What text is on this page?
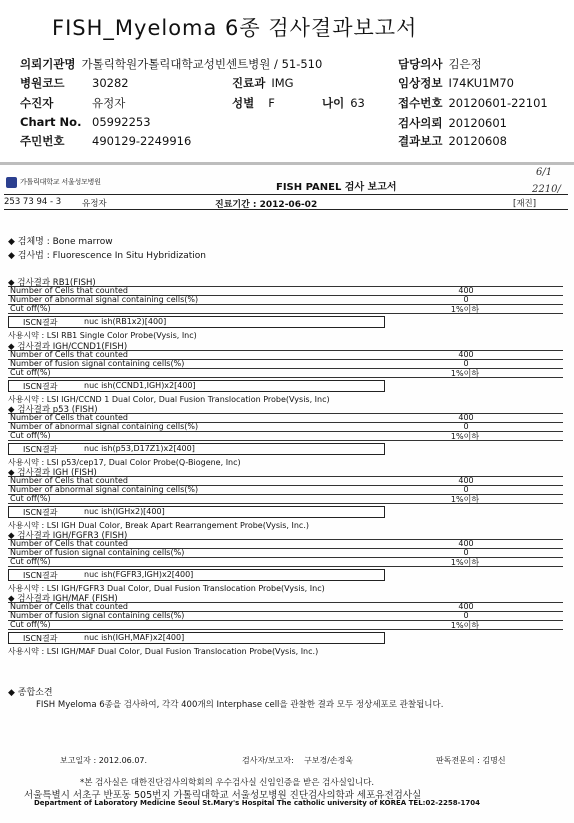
FISH_Myeloma 6종 검사결과보고서
의뢰기관명 가톨릭학원가톨릭대학교성빈센트병원 / 51-510	담당의사 김은정
병원코드 30282	진료과 IMG	임상정보 I74KU1M70
수진자	유정자	성별 F	나이 63	접수번호 20120601-22101
Chart No. 05992253	검사의뢰 20120601
주민번호 490129-2249916	결과보고 20120608
가톨릭대학교 서울성모병원	FISH PANEL 검사 보고서
6/1
2210/
253 73 94 - 3 유정자	진료기간 : 2012-06-02	[재진]
◆ 검체명 : Bone marrow
◆ 검사법 : Fluorescence In Situ Hybridization
◆ 검사결과 RB1(FISH)
Number of Cells that counted	400
Number of abnormal signal containing cells(%)	0
Cut off(%)	1%이하
ISCN결과	nuc ish(RB1x2)[400]
사용시약 : LSI RB1 Single Color Probe(Vysis, Inc)
◆ 검사결과 IGH/CCND1(FISH)
Number of Cells that counted	400
Number of fusion signal containing cells(%)	0
Cut off(%)	1%이하
ISCN결과	nuc ish(CCND1,IGH)x2[400]
사용시약 : LSI IGH/CCND 1 Dual Color, Dual Fusion Translocation Probe(Vysis, Inc)
◆ 검사결과 p53 (FISH)
Number of Cells that counted	400
Number of abnormal signal containing cells(%)	0
Cut off(%)	1%이하
ISCN결과	nuc ish(p53,D17Z1)x2[400]
사용시약 : LSI p53/cep17, Dual Color Probe(Q-Biogene, Inc)
◆ 검사결과 IGH (FISH)
Number of Cells that counted	400
Number of abnormal signal containing cells(%)	0
Cut off(%)	1%이하
ISCN결과	nuc ish(IGHx2)[400]
사용시약 : LSI IGH Dual Color, Break Apart Rearrangement Probe(Vysis, Inc.)
◆ 검사결과 IGH/FGFR3 (FISH)
Number of Cells that counted	400
Number of fusion signal containing cells(%)	0
Cut off(%)	1%이하
ISCN결과	nuc ish(FGFR3,IGH)x2[400]
사용시약 : LSI IGH/FGFR3 Dual Color, Dual Fusion Translocation Probe(Vysis, Inc)
◆ 검사결과 IGH/MAF (FISH)
Number of Cells that counted	400
Number of fusion signal containing cells(%)	0
Cut off(%)	1%이하
ISCN결과	nuc ish(IGH,MAF)x2[400]
사용시약 : LSI IGH/MAF Dual Color, Dual Fusion Translocation Probe(Vysis, Inc.)
◆ 종합소견
FISH Myeloma 6종을 검사하여, 각각 400개의 Interphase cell을 관찰한 결과 모두 정상세포로 관찰됩니다.
보고일자 : 2012.06.07.	검사자/보고자: 구보경/손정욱	판독전문의 : 김명신
*본 검사실은 대한진단검사의학회의 우수검사실 신임인증을 받은 검사실입니다.
서울특별시 서초구 반포동 505번지 가톨릭대학교 서울성모병원 진단검사의학과 세포유전검사실
Department of Laboratory Medicine Seoul St.Mary's Hospital The catholic university of KOREA TEL:02-2258-1704
